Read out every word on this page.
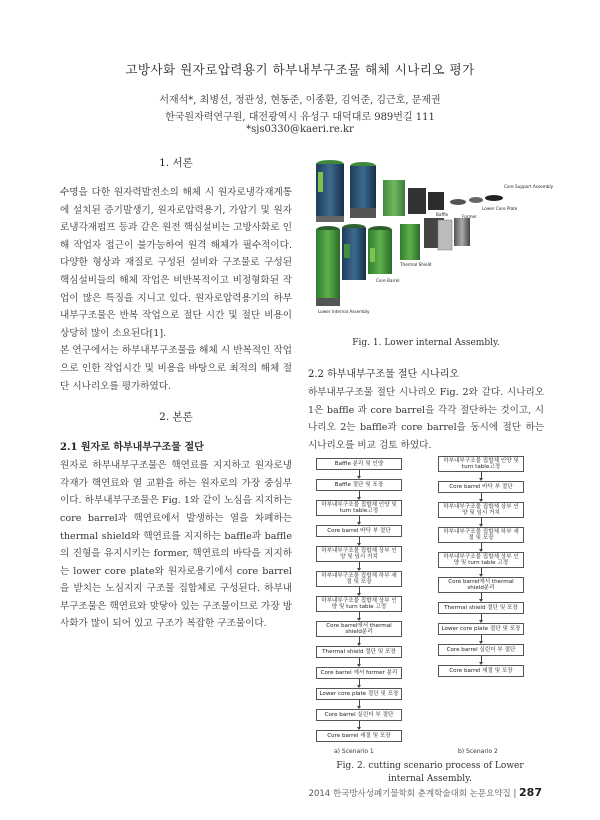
고방사화 원자로압력용기 하부내부구조물 해체 시나리오 평가
서재석*, 최병선, 정관성, 현동준, 이종환, 김억준, 김근호, 문제권
한국원자력연구원, 대전광역시 유성구 대덕대로 989번길 111
*sjs0330@kaeri.re.kr
1. 서론

수명을 다한 원자력발전소의 해체 시 원자로냉각재계통에 설치된 증기발생기, 원자로압력용기, 가압기 및 원자로냉각재펌프 등과 같은 원전 핵심설비는 고방사화로 인해 작업자 접근이 불가능하여 원격 해체가 필수적이다. 다양한 형상과 재질로 구성된 설비와 구조물로 구성된 핵심설비들의 해체 작업은 비반복적이고 비정형화된 작업이 많은 특징을 지니고 있다. 원자로압력용기의 하부내부구조물은 반복 작업으로 절단 시간 및 절단 비용이 상당히 많이 소요된다[1].

본 연구에서는 하부내부구조물을 해체 시 반복적인 작업으로 인한 작업시간 및 비용을 바탕으로 최적의 해체 절단 시나리오를 평가하였다.

2. 본론
2.1 원자로 하부내부구조물 절단

원자로 하부내부구조물은 핵연료를 지지하고 원자로냉각재가 핵연료와 열 교환을 하는 원자로의 가장 중심부이다. 하부내부구조물은 Fig. 1와 같이 노심을 지지하는 core barrel과 핵연료에서 발생하는 열을 차폐하는 thermal shield와 핵연료를 지지하는 baffle과 baffle의 진형을 유지시키는 former, 핵연료의 바닥을 지지하는 lower core plate와 원자로용기에서 core barrel을 받치는 노심지지 구조물 집합체로 구성된다. 하부내부구조물은 핵연료와 맞닿아 있는 구조물이므로 가장 방사화가 많이 되어 있고 구조가 복잡한 구조물이다.

Core Support Assembly
Lower Core Plate
Former
Baffle
Thermal Shield
Core Barrel
Lower Internal Assembly
Fig. 1. Lower internal Assembly.
2.2 하부내부구조물 절단 시나리오

하부내부구조물 절단 시나리오 Fig. 2와 같다. 시나리오 1은 baffle 과 core barrel을 각각 절단하는 것이고, 시나리오 2는 baffle과 core barrel을 동시에 절단 하는 시나리오를 비교 검토 하였다.

Baffle 분리 및 인양
Baffle 절단 및 포장
하부내부구조물 집합체 인양 및 turn table고정
Core barrel 바닥 부 절단
하부내부구조물 집합체 상부 인양 및 임시 거치
하부내부구조물 집합체 하부 세절 및 포장
하부내부구조물 집합체 상부 인양 및 turn table 고정
Core barrel에서 thermal shield분리
Thermal shield 절단 및 포장
Core barrel 에서 former 분리
Lower core plate 절단 및 포장
Core barrel 실린더 부 절단
Core barrel 세절 및 포장
하부내부구조물 집합체 인양 및 turn table고정
Core barrel 바닥 부 절단
하부내부구조물 집합체 상부 인양 및 임시 거치
하부내부구조물 집합체 하부 세절 및 포장
하부내부구조물 집합체 상부 인양 및 turn table 고정
Core barrel에서 thermal shield분리
Thermal shield 절단 및 포장
Lower core plate 절단 및 포장
Core barrel 실린더 부 절단
Core barrel 세절 및 포장
a) Scenario 1	b) Scenario 2
Fig. 2. cutting scenario process of Lower internal Assembly.
2014 한국방사성폐기물학회 춘계학술대회 논문요약집 | 287
